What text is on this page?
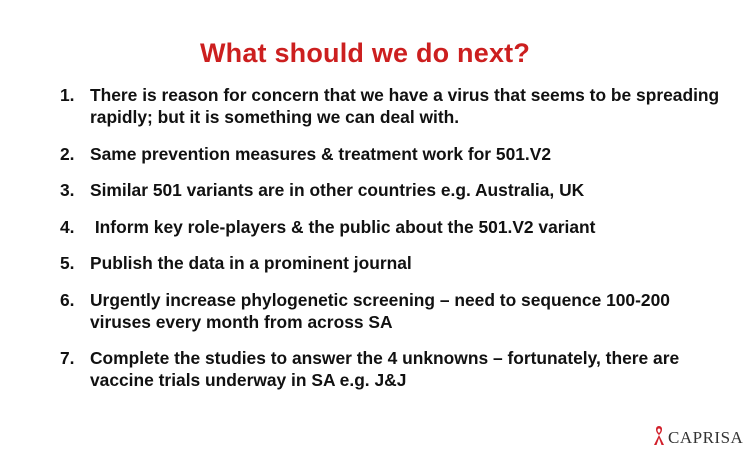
What should we do next?
1. There is reason for concern that we have a virus that seems to be spreading rapidly; but it is something we can deal with.
2. Same prevention measures & treatment work for 501.V2
3. Similar 501 variants are in other countries e.g. Australia, UK
4. Inform key role-players & the public about the 501.V2 variant
5. Publish the data in a prominent journal
6. Urgently increase phylogenetic screening – need to sequence 100-200 viruses every month from across SA
7. Complete the studies to answer the 4 unknowns – fortunately, there are vaccine trials underway in SA e.g. J&J
CAPRISA
